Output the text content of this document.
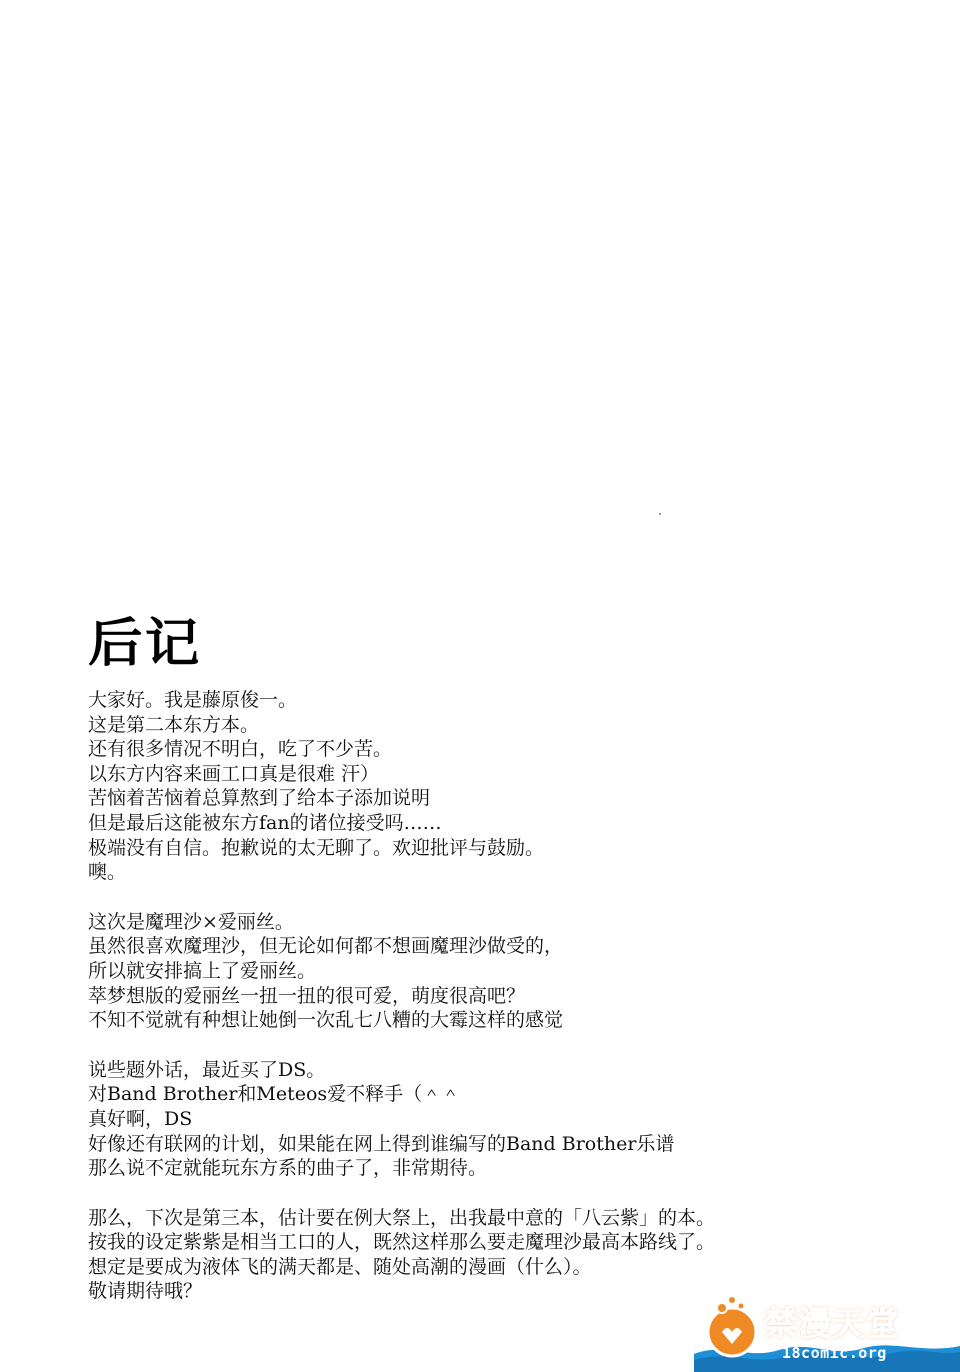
后记
大家好。我是藤原俊一。
这是第二本东方本。
还有很多情况不明白，吃了不少苦。
以东方内容来画工口真是很难 汗）
苦恼着苦恼着总算熬到了给本子添加说明
但是最后这能被东方fan的诸位接受吗……
极端没有自信。抱歉说的太无聊了。欢迎批评与鼓励。
噢。
这次是魔理沙×爱丽丝。
虽然很喜欢魔理沙，但无论如何都不想画魔理沙做受的，
所以就安排搞上了爱丽丝。
萃梦想版的爱丽丝一扭一扭的很可爱，萌度很高吧？
不知不觉就有种想让她倒一次乱七八糟的大霉这样的感觉
说些题外话，最近买了DS。
对Band Brother和Meteos爱不释手（＾＾
真好啊，DS
好像还有联网的计划，如果能在网上得到谁编写的Band Brother乐谱
那么说不定就能玩东方系的曲子了，非常期待。
那么，下次是第三本，估计要在例大祭上，出我最中意的「八云紫」的本。
按我的设定紫紫是相当工口的人，既然这样那么要走魔理沙最高本路线了。
想定是要成为液体飞的满天都是、随处高潮的漫画（什么）。
敬请期待哦？
禁漫天堂
18comic.org
